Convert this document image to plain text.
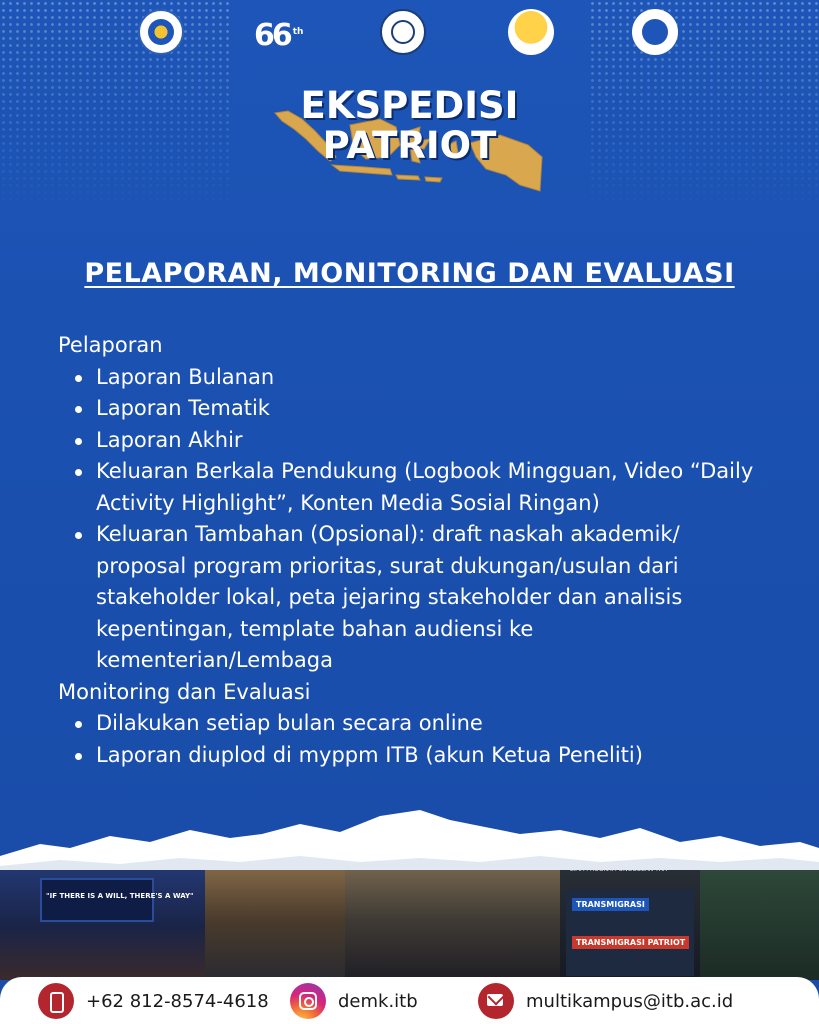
66 $^{th}$
EKSPEDISI
PATRIOT
PELAPORAN, MONITORING DAN EVALUASI

Pelaporan

Laporan Bulanan
Laporan Tematik
Laporan Akhir
Keluaran Berkala Pendukung (Logbook Mingguan, Video “Daily Activity Highlight”, Konten Media Sosial Ringan)
Keluaran Tambahan (Opsional): draft naskah akademik/ proposal program prioritas, surat dukungan/usulan dari stakeholder lokal, peta jejaring stakeholder dan analisis kepentingan, template bahan audiensi ke kementerian/Lembaga

Monitoring dan Evaluasi

Dilakukan setiap bulan secara online
Laporan diuplod di myppm ITB (akun Ketua Peneliti)
"IF THERE IS A WILL, THERE'S A WAY"
TRANSMIGRASI
TRANSMIGRASI PATRIOT
+62 812-8574-4618	demk.itb	multikampus@itb.ac.id
